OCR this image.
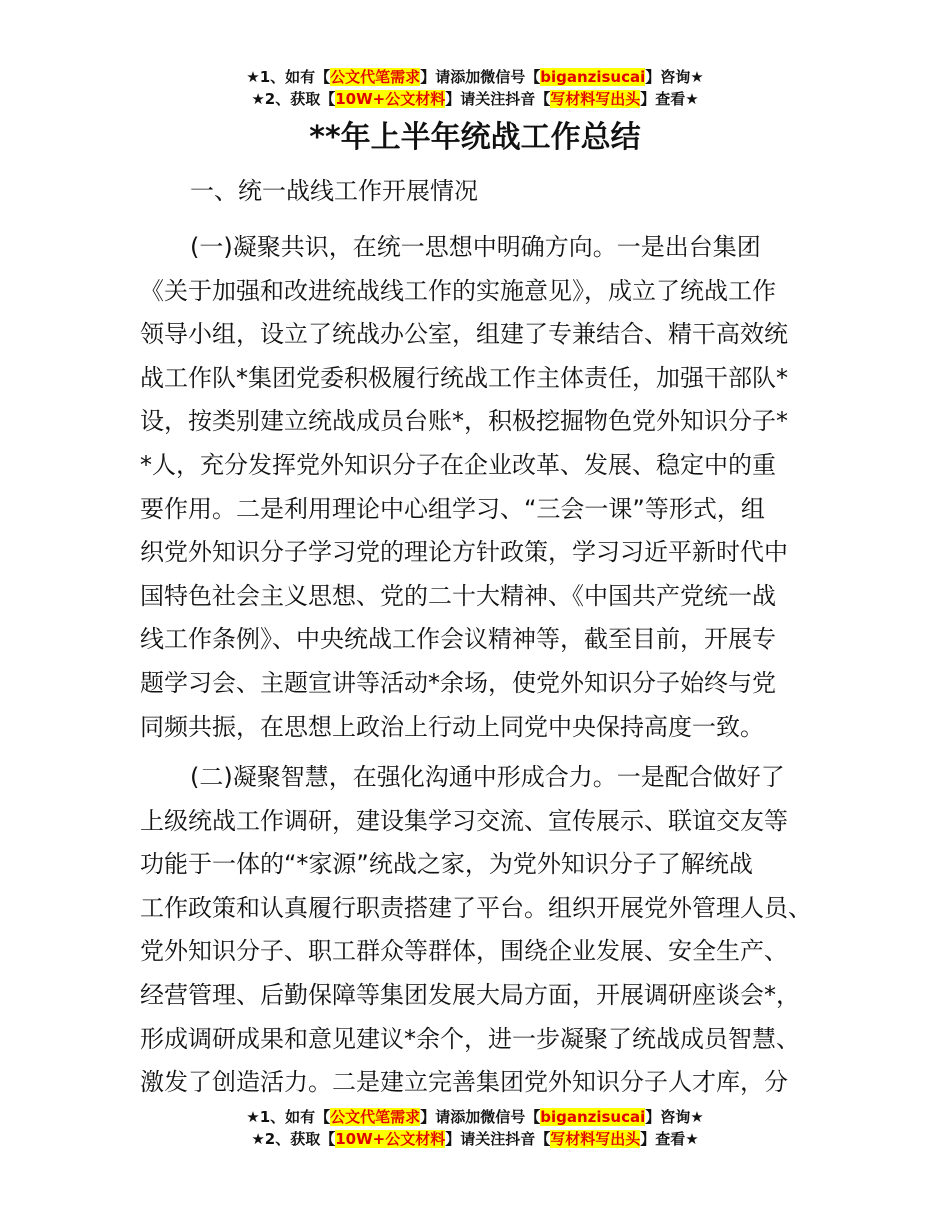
★1、如有【公文代笔需求】请添加微信号【biganzisucai】咨询★
★2、获取【10W+公文材料】请关注抖音【写材料写出头】查看★
**年上半年统战工作总结
一、统一战线工作开展情况
(一)凝聚共识，在统一思想中明确方向。一是出台集团
《关于加强和改进统战线工作的实施意见》，成立了统战工作
领导小组，设立了统战办公室，组建了专兼结合、精干高效统
战工作队*集团党委积极履行统战工作主体责任，加强干部队*
设，按类别建立统战成员台账*，积极挖掘物色党外知识分子*
*人，充分发挥党外知识分子在企业改革、发展、稳定中的重
要作用。二是利用理论中心组学习、“三会一课”等形式，组
织党外知识分子学习党的理论方针政策，学习习近平新时代中
国特色社会主义思想、党的二十大精神、《中国共产党统一战
线工作条例》、中央统战工作会议精神等，截至目前，开展专
题学习会、主题宣讲等活动*余场，使党外知识分子始终与党
同频共振，在思想上政治上行动上同党中央保持高度一致。
(二)凝聚智慧，在强化沟通中形成合力。一是配合做好了
上级统战工作调研，建设集学习交流、宣传展示、联谊交友等
功能于一体的“*家源”统战之家，为党外知识分子了解统战
工作政策和认真履行职责搭建了平台。组织开展党外管理人员、
党外知识分子、职工群众等群体，围绕企业发展、安全生产、
经营管理、后勤保障等集团发展大局方面，开展调研座谈会*，
形成调研成果和意见建议*余个，进一步凝聚了统战成员智慧、
激发了创造活力。二是建立完善集团党外知识分子人才库，分
★1、如有【公文代笔需求】请添加微信号【biganzisucai】咨询★
★2、获取【10W+公文材料】请关注抖音【写材料写出头】查看★
